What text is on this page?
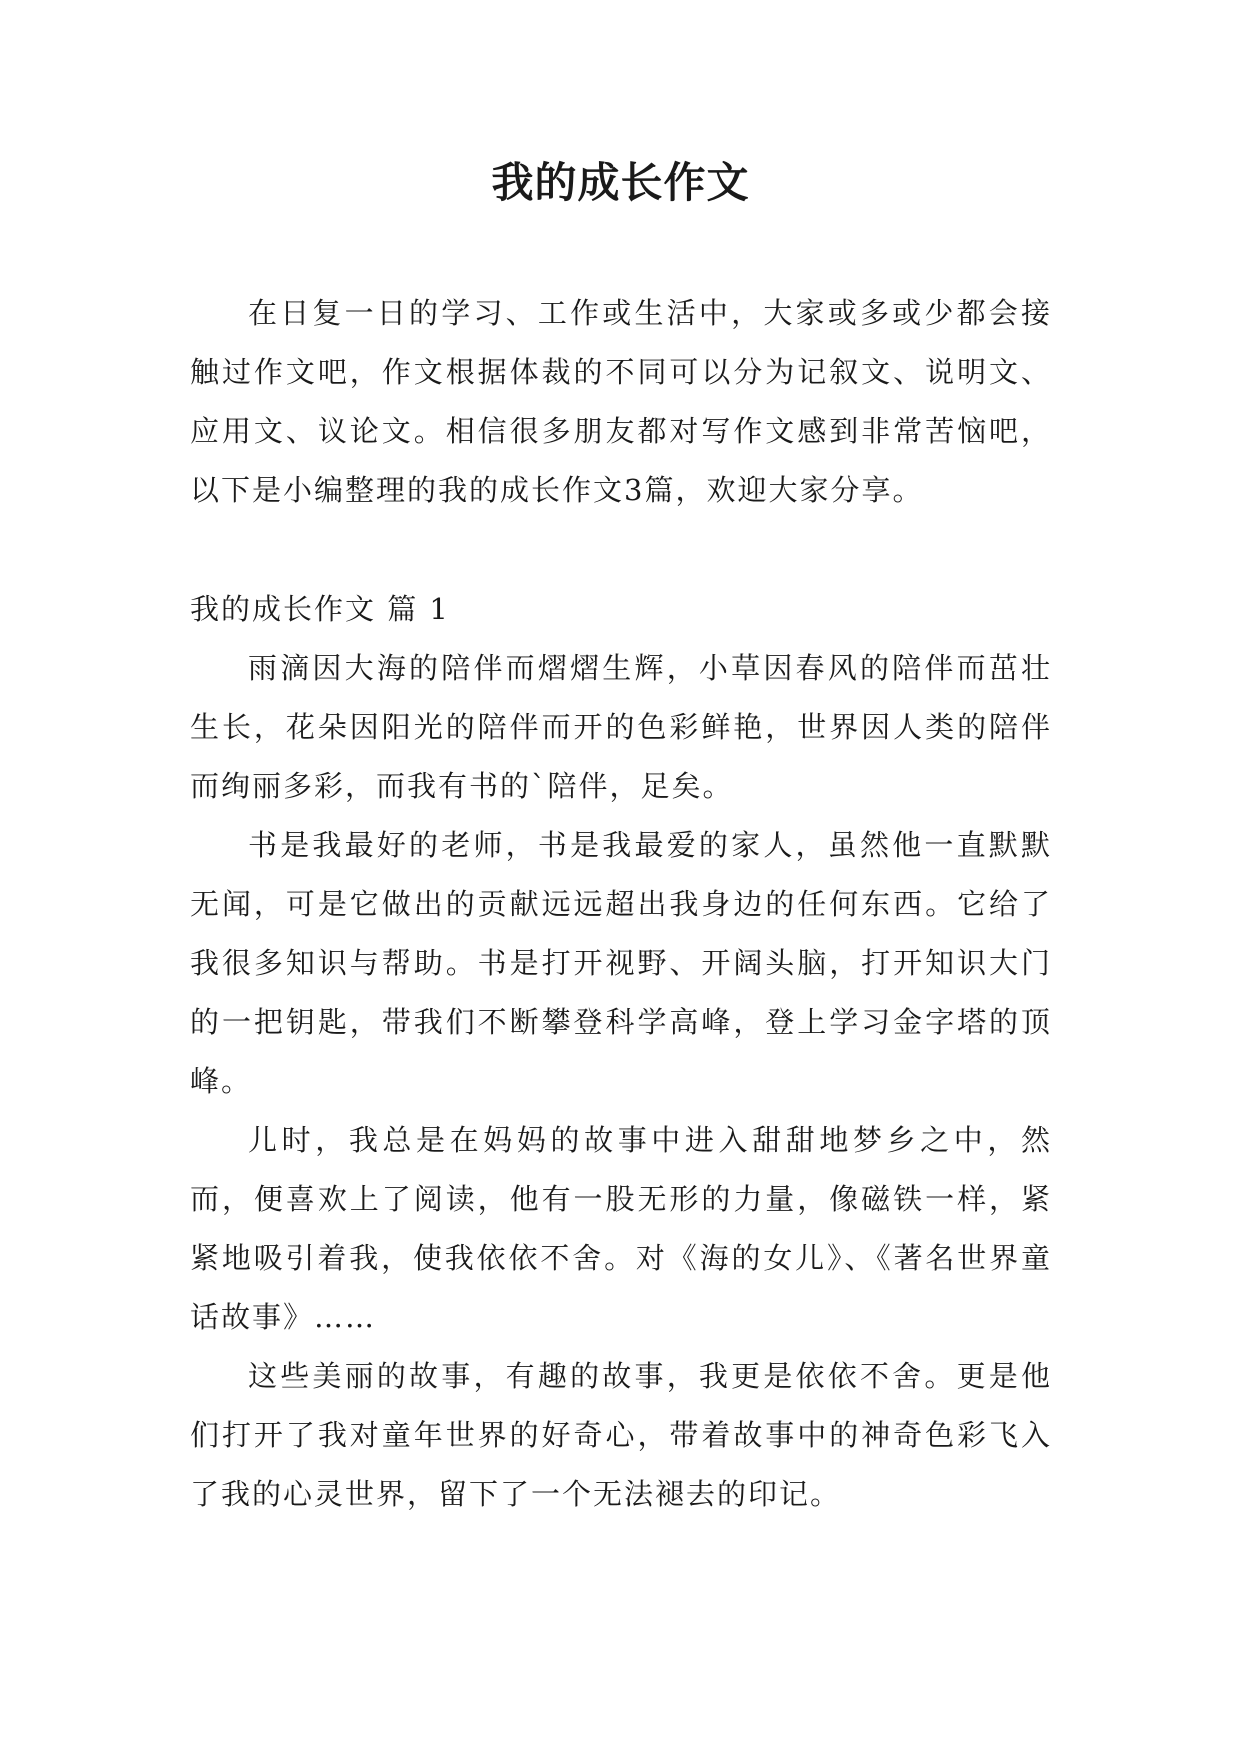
我的成长作文

在日复一日的学习、工作或生活中，大家或多或少都会接触过作文吧，作文根据体裁的不同可以分为记叙文、说明文、应用文、议论文。相信很多朋友都对写作文感到非常苦恼吧，以下是小编整理的我的成长作文3篇，欢迎大家分享。

我的成长作文 篇 1

雨滴因大海的陪伴而熠熠生辉，小草因春风的陪伴而茁壮生长，花朵因阳光的陪伴而开的色彩鲜艳，世界因人类的陪伴而绚丽多彩，而我有书的`陪伴，足矣。

书是我最好的老师，书是我最爱的家人，虽然他一直默默无闻，可是它做出的贡献远远超出我身边的任何东西。它给了我很多知识与帮助。书是打开视野、开阔头脑，打开知识大门的一把钥匙，带我们不断攀登科学高峰，登上学习金字塔的顶峰。

儿时，我总是在妈妈的故事中进入甜甜地梦乡之中，然而，便喜欢上了阅读，他有一股无形的力量，像磁铁一样，紧紧地吸引着我，使我依依不舍。对《海的女儿》、《著名世界童话故事》……

这些美丽的故事，有趣的故事，我更是依依不舍。更是他们打开了我对童年世界的好奇心，带着故事中的神奇色彩飞入了我的心灵世界，留下了一个无法褪去的印记。
